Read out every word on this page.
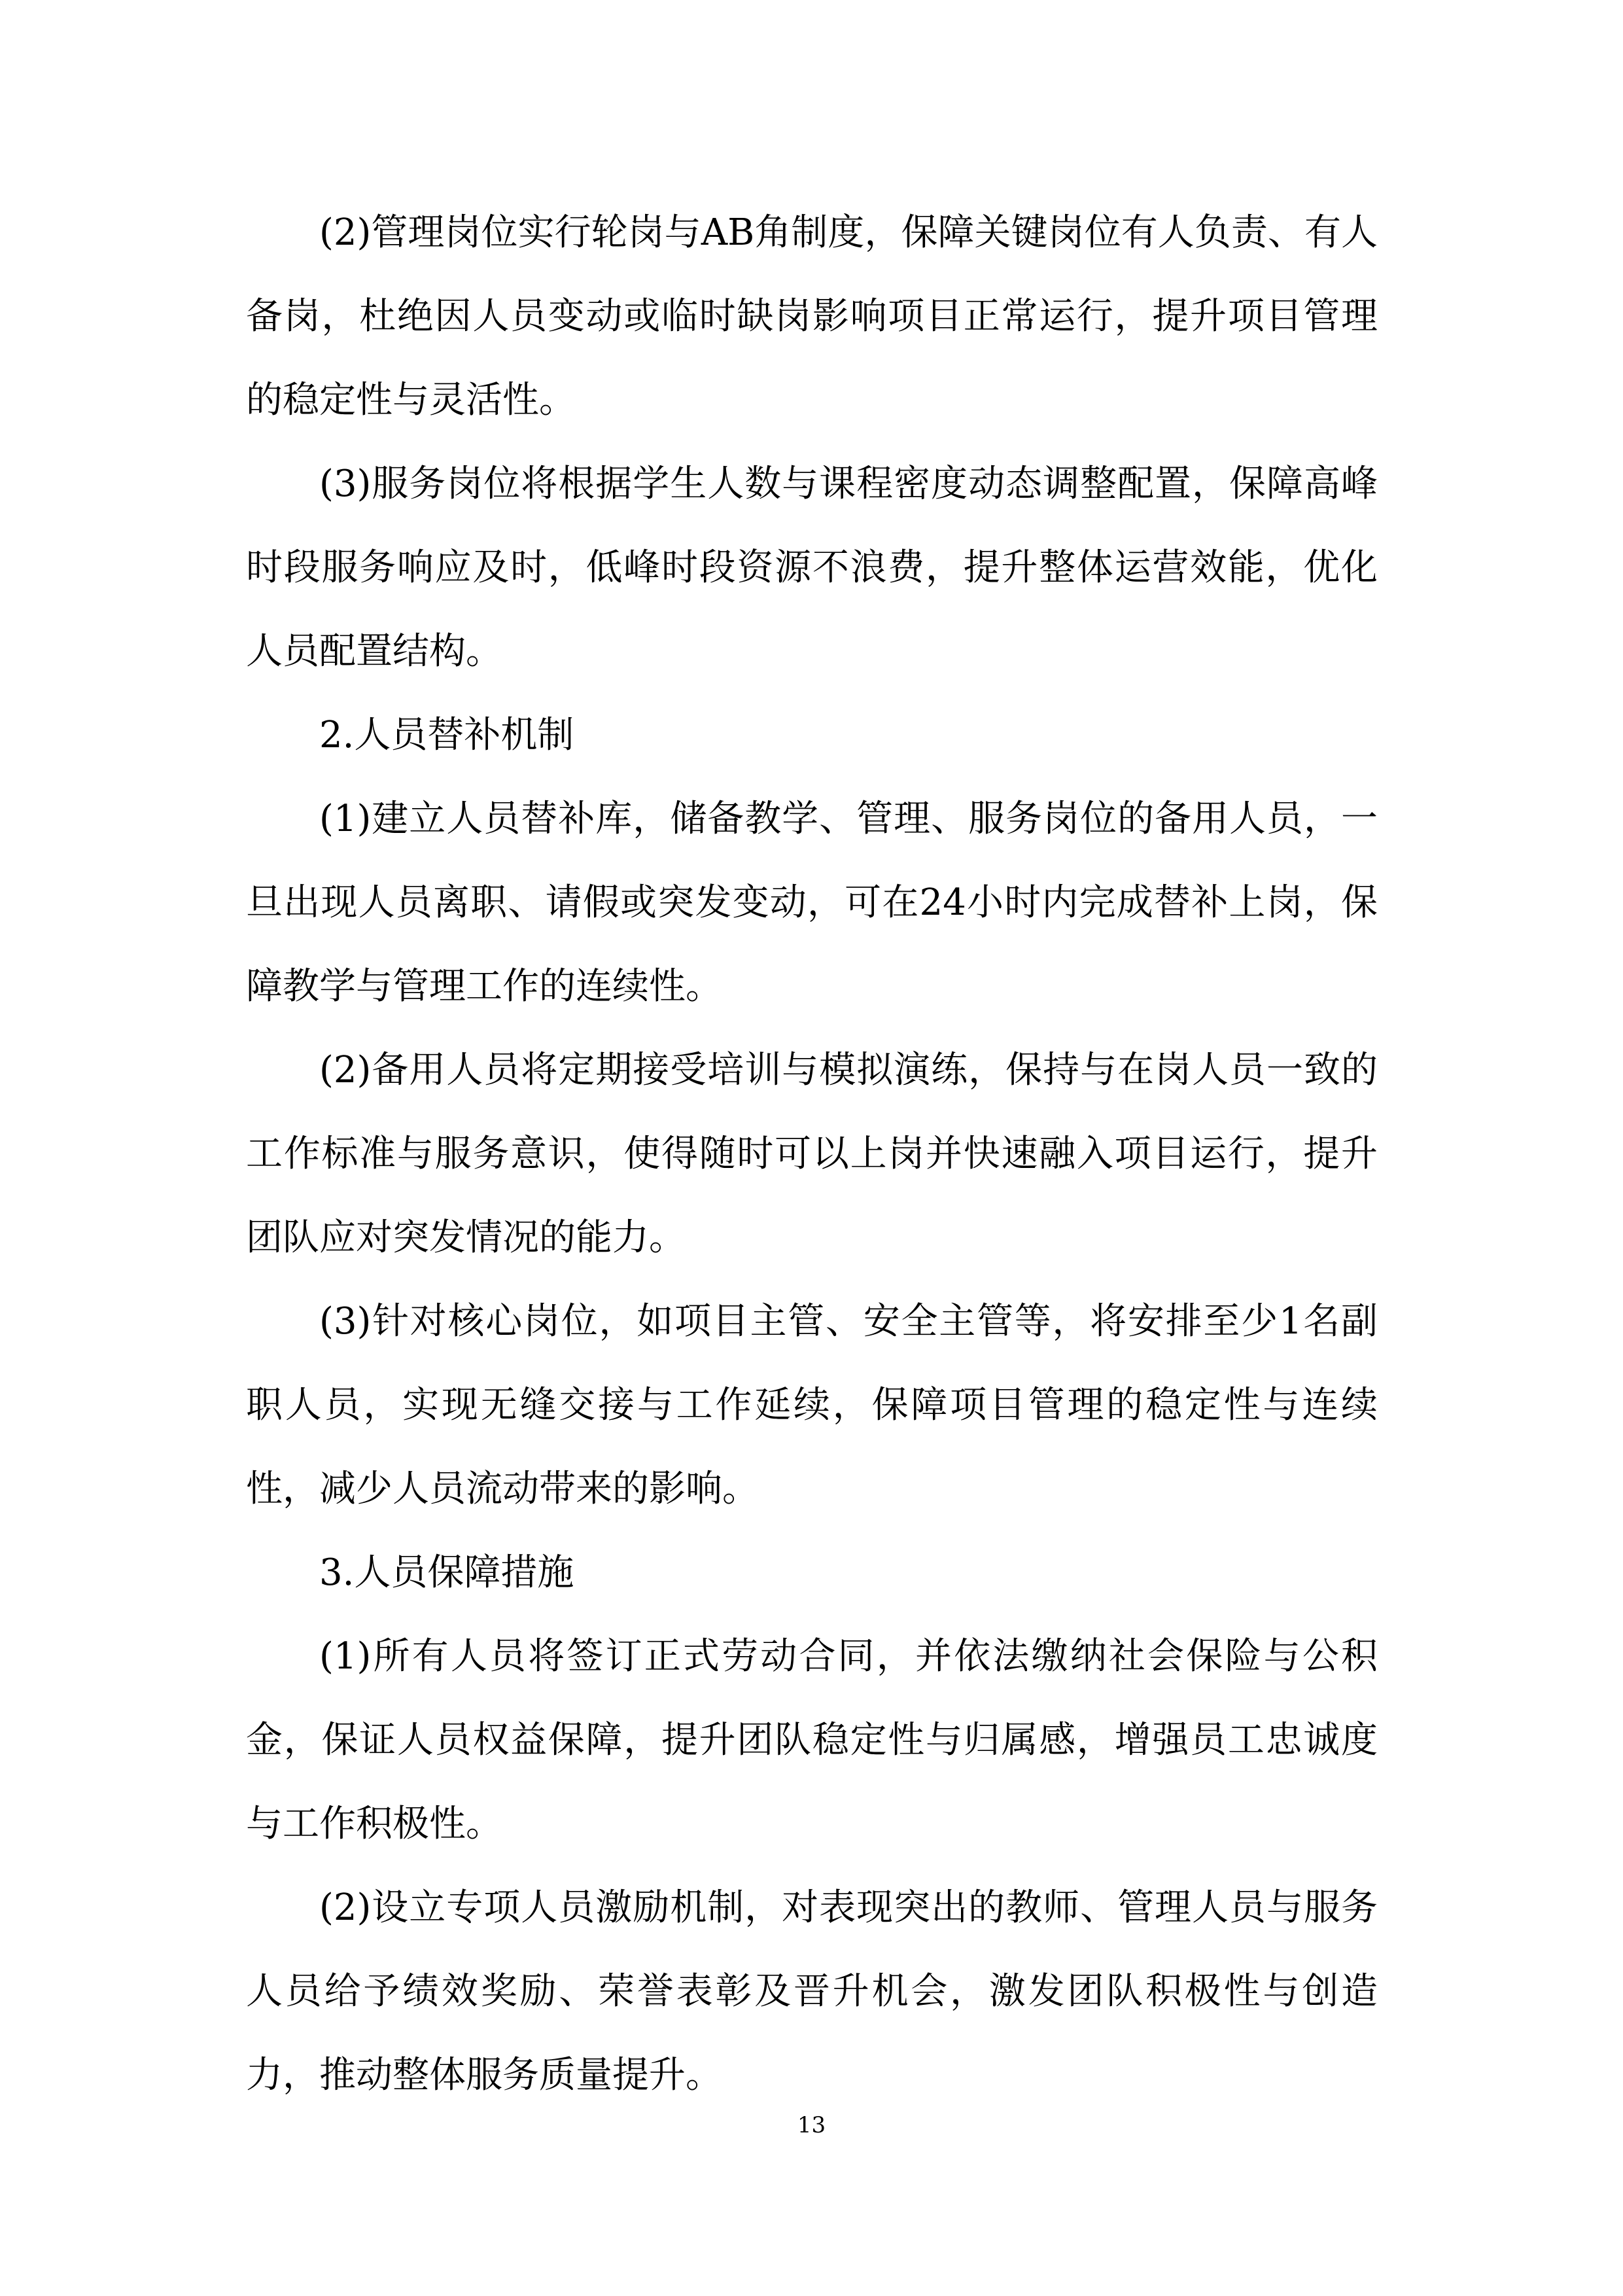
(2)管理岗位实行轮岗与AB角制度，保障关键岗位有人负责、有人备岗，杜绝因人员变动或临时缺岗影响项目正常运行，提升项目管理的稳定性与灵活性。

(3)服务岗位将根据学生人数与课程密度动态调整配置，保障高峰时段服务响应及时，低峰时段资源不浪费，提升整体运营效能，优化人员配置结构。

2.人员替补机制

(1)建立人员替补库，储备教学、管理、服务岗位的备用人员，一旦出现人员离职、请假或突发变动，可在24小时内完成替补上岗，保障教学与管理工作的连续性。

(2)备用人员将定期接受培训与模拟演练，保持与在岗人员一致的工作标准与服务意识，使得随时可以上岗并快速融入项目运行，提升团队应对突发情况的能力。

(3)针对核心岗位，如项目主管、安全主管等，将安排至少1名副职人员，实现无缝交接与工作延续，保障项目管理的稳定性与连续性，减少人员流动带来的影响。

3.人员保障措施

(1)所有人员将签订正式劳动合同，并依法缴纳社会保险与公积金，保证人员权益保障，提升团队稳定性与归属感，增强员工忠诚度与工作积极性。

(2)设立专项人员激励机制，对表现突出的教师、管理人员与服务人员给予绩效奖励、荣誉表彰及晋升机会，激发团队积极性与创造力，推动整体服务质量提升。

13
